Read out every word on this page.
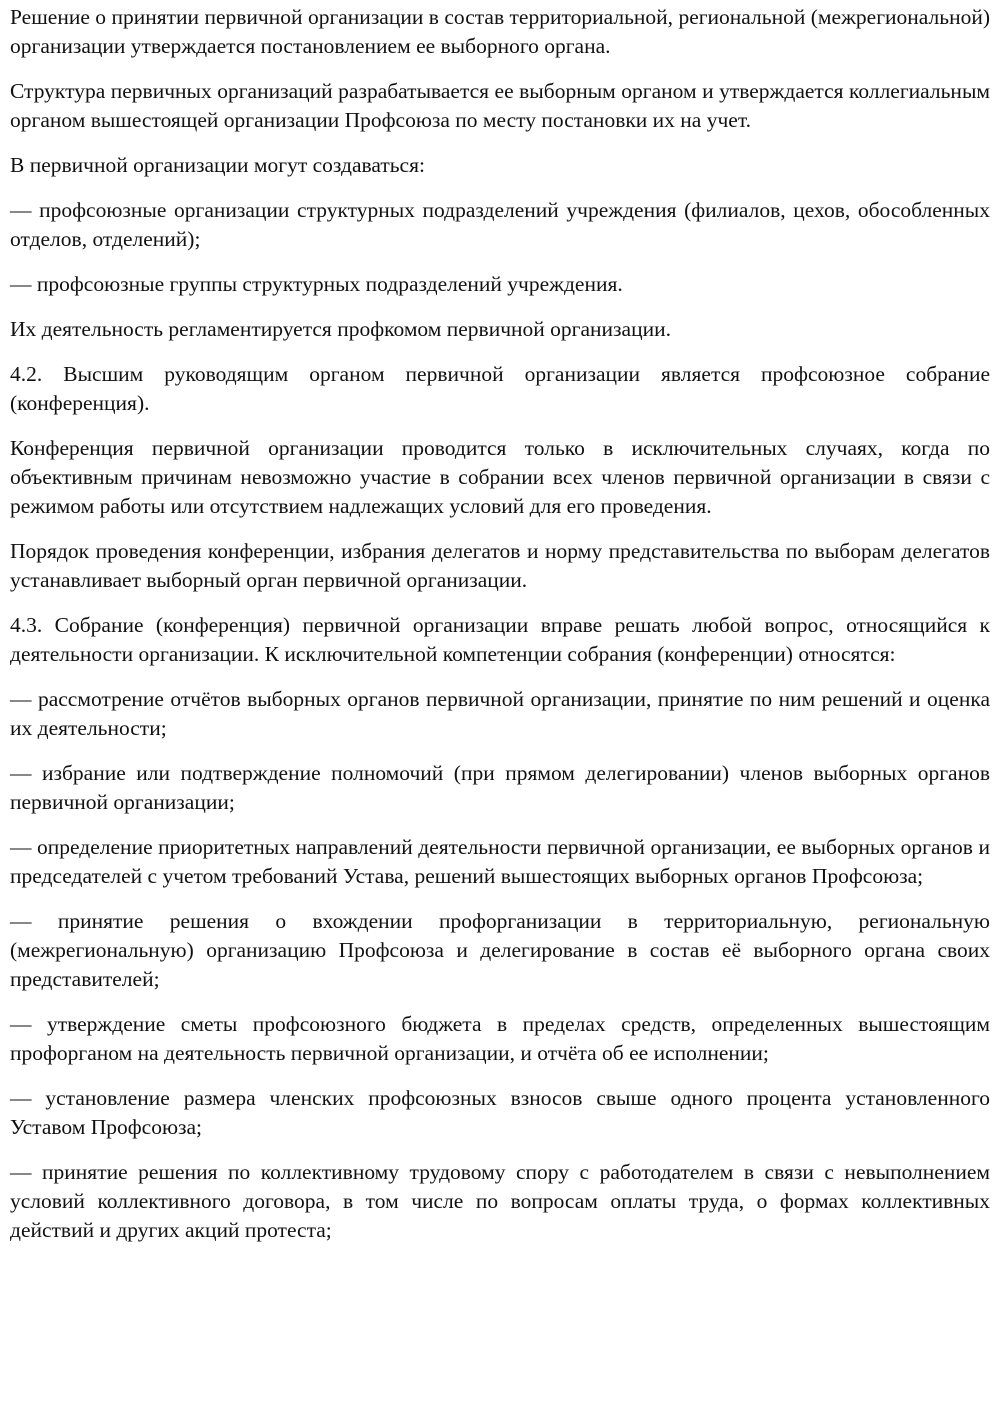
Решение о принятии первичной организации в состав территориальной, региональной (межрегиональной) организации утверждается постановлением ее выборного органа.

Структура первичных организаций разрабатывается ее выборным органом и утверждается коллегиальным органом вышестоящей организации Профсоюза по месту постановки их на учет.

В первичной организации могут создаваться:

— профсоюзные организации структурных подразделений учреждения (филиалов, цехов, обособленных отделов, отделений);

— профсоюзные группы структурных подразделений учреждения.

Их деятельность регламентируется профкомом первичной организации.

4.2. Высшим руководящим органом первичной организации является профсоюзное собрание (конференция).

Конференция первичной организации проводится только в исключительных случаях, когда по объективным причинам невозможно участие в собрании всех членов первичной организации в связи с режимом работы или отсутствием надлежащих условий для его проведения.

Порядок проведения конференции, избрания делегатов и норму представительства по выборам делегатов устанавливает выборный орган первичной организации.

4.3. Собрание (конференция) первичной организации вправе решать любой вопрос, относящийся к деятельности организации. К исключительной компетенции собрания (конференции) относятся:

— рассмотрение отчётов выборных органов первичной организации, принятие по ним решений и оценка их деятельности;

— избрание или подтверждение полномочий (при прямом делегировании) членов выборных органов первичной организации;

— определение приоритетных направлений деятельности первичной организации, ее выборных органов и председателей с учетом требований Устава, решений вышестоящих выборных органов Профсоюза;

— принятие решения о вхождении профорганизации в территориальную, региональную (межрегиональную) организацию Профсоюза и делегирование в состав её выборного органа своих представителей;

— утверждение сметы профсоюзного бюджета в пределах средств, определенных вышестоящим профорганом на деятельность первичной организации, и отчёта об ее исполнении;

— установление размера членских профсоюзных взносов свыше одного процента установленного Уставом Профсоюза;

— принятие решения по коллективному трудовому спору с работодателем в связи с невыполнением условий коллективного договора, в том числе по вопросам оплаты труда, о формах коллективных действий и других акций протеста;
